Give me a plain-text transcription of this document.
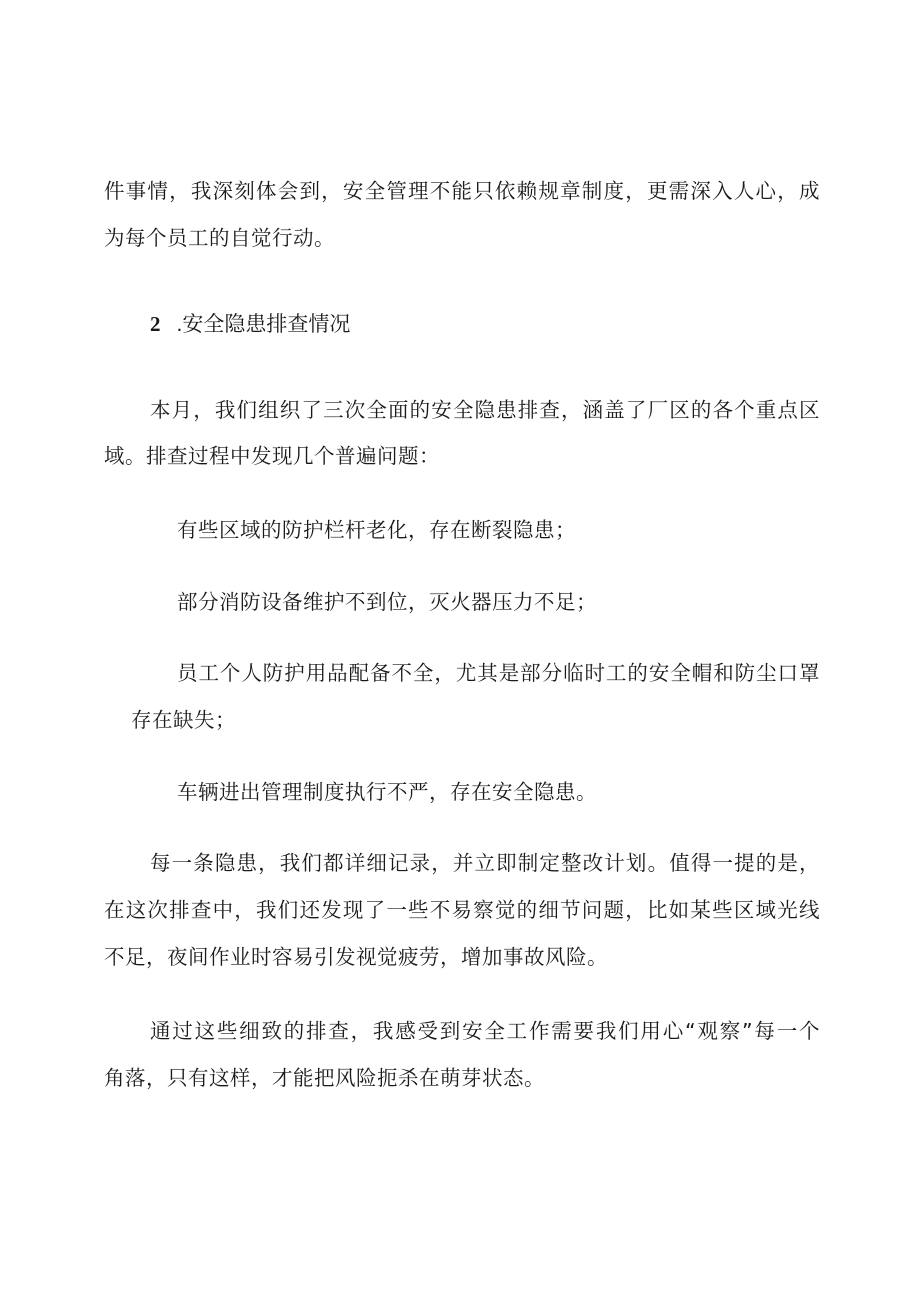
件事情，我深刻体会到，安全管理不能只依赖规章制度，更需深入人心，成
为每个员工的自觉行动。
2 .安全隐患排查情况
本月，我们组织了三次全面的安全隐患排查，涵盖了厂区的各个重点区
域。排查过程中发现几个普遍问题：
有些区域的防护栏杆老化，存在断裂隐患；
部分消防设备维护不到位，灭火器压力不足；
员工个人防护用品配备不全，尤其是部分临时工的安全帽和防尘口罩
存在缺失；
车辆进出管理制度执行不严，存在安全隐患。
每一条隐患，我们都详细记录，并立即制定整改计划。值得一提的是，
在这次排查中，我们还发现了一些不易察觉的细节问题，比如某些区域光线
不足，夜间作业时容易引发视觉疲劳，增加事故风险。
通过这些细致的排查，我感受到安全工作需要我们用心“观察”每一个
角落，只有这样，才能把风险扼杀在萌芽状态。
